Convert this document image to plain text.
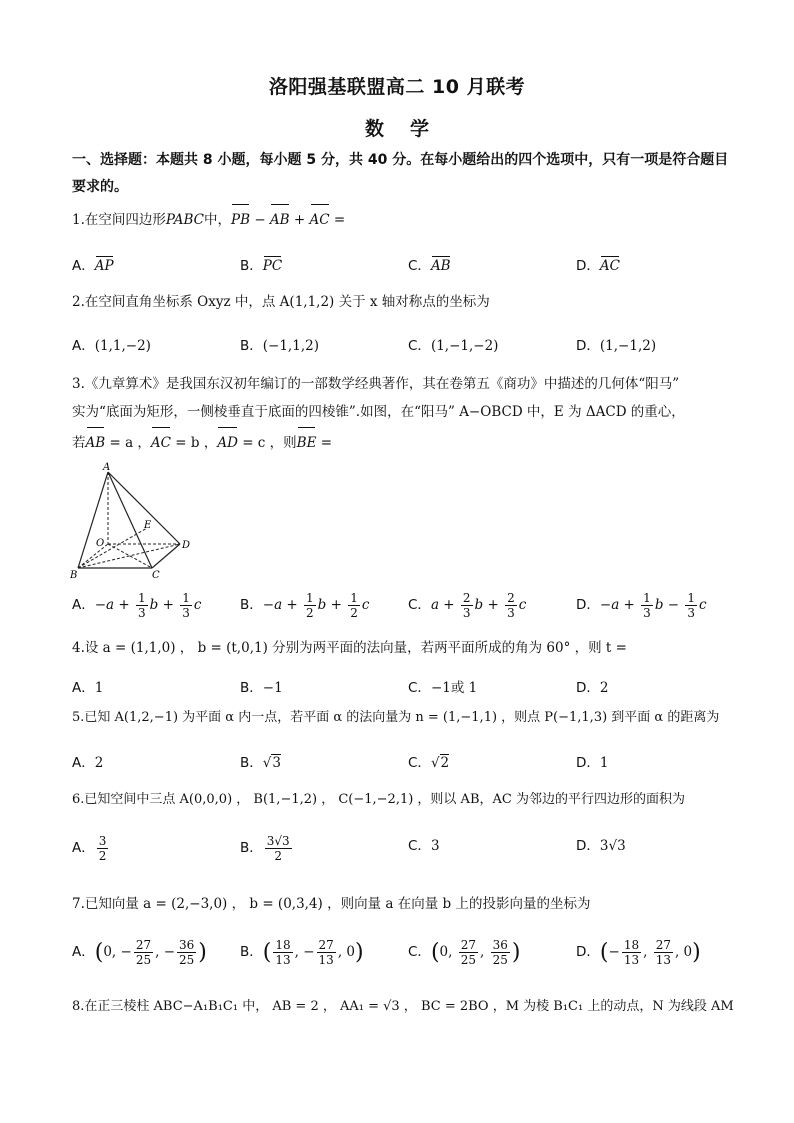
洛阳强基联盟高二 10 月联考
数学
一、选择题：本题共 8 小题，每小题 5 分，共 40 分。在每小题给出的四个选项中，只有一项是符合题目要求的。
1.在空间四边形PABC中，PB − AB + AC =
A．AP	B．PC	C．AB	D．AC
2.在空间直角坐标系 Oxyz 中，点 A(1,1,2) 关于 x 轴对称点的坐标为
A．(1,1,−2)	B．(−1,1,2)	C．(1,−1,−2)	D．(1,−1,2)
3.《九章算术》是我国东汉初年编订的一部数学经典著作，其在卷第五《商功》中描述的几何体“阳马”
实为“底面为矩形，一侧棱垂直于底面的四棱锥”.如图，在“阳马” A−OBCD 中，E 为 ΔACD 的重心，
若AB = a ，AC = b ，AD = c ，则BE =
A
E
O	D
B	C
A．$-a + \frac{1}{3}$ $b + \frac{1}{3}$ c	B．$-a + \frac{1}{2}$ $b + \frac{1}{2}$ c	C．$a + \frac{2}{3}$ $b + \frac{2}{3}$ c	D．$-a + \frac{1}{3}$ $b - \frac{1}{3}$ c
4.设 a = (1,1,0) ， b = (t,0,1) 分别为两平面的法向量，若两平面所成的角为 60° ，则 t =
A．1	B．−1	C．−1或 1	D．2
5.已知 A(1,2,−1) 为平面 α 内一点，若平面 α 的法向量为 n = (1,−1,1) ，则点 P(−1,1,3) 到平面 α 的距离为
A．2	B．√3	C．√2	D．1
6.已知空间中三点 A(0,0,0) ， B(1,−1,2) ， C(−1,−2,1) ，则以 AB，AC 为邻边的平行四边形的面积为
A． $\frac{3}{2}$	B． $\frac{3√3}{2}$	C．3	D．3√3
7.已知向量 a = (2,−3,0) ， b = (0,3,4) ，则向量 a 在向量 b 上的投影向量的坐标为
A．(0, − $\frac{27}{25}$ , − $\frac{36}{25}$ ) B．( $\frac{18}{13}$ , − $\frac{27}{13}$ , 0)	C．(0, $\frac{27}{25}$ , $\frac{36}{25}$ )	D．(− $\frac{18}{13}$ , $\frac{27}{13}$ , 0)
8.在正三棱柱 ABC−A₁B₁C₁ 中， AB = 2 ， AA₁ = √3 ， BC = 2BO ，M 为棱 B₁C₁ 上的动点，N 为线段 AM
